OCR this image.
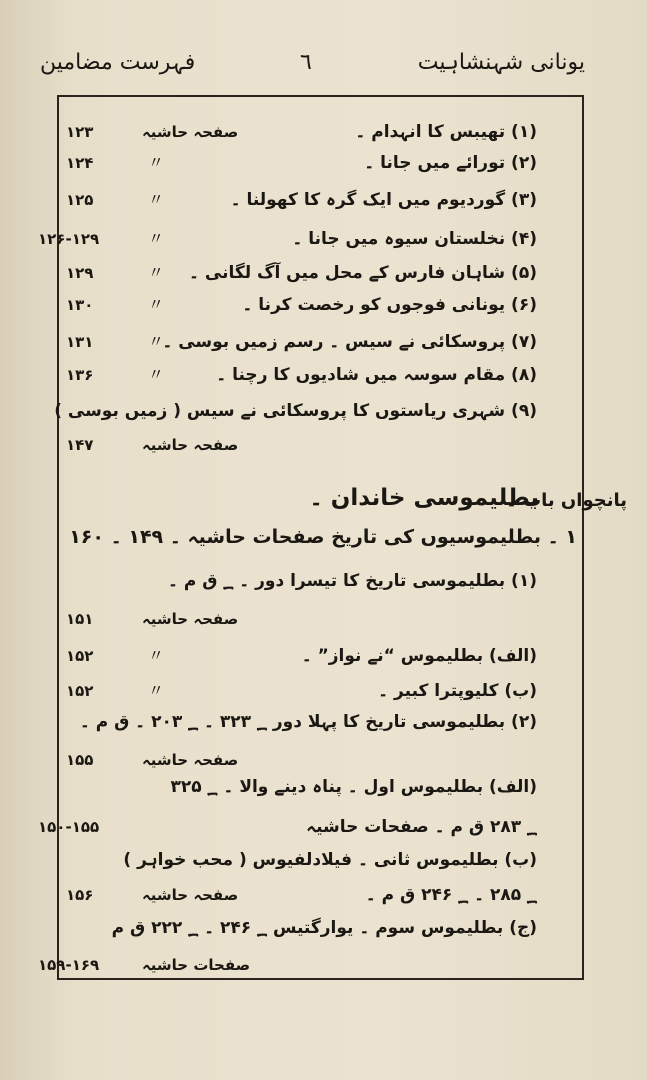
یونانی شہنشاہیت
٦
فہرست مضامین
(۱) تھیبس کا انہدام ۔
صفحہ حاشیہ
۱۲۳
(۲) تورائے میں جانا ۔
〃
۱۲۴
(۳) گوردیوم میں ایک گرہ کا کھولنا ۔
〃
۱۲۵
(۴) نخلستان سیوہ میں جانا ۔
〃
۱۲۶-۱۲۹
(۵) شاہان فارس کے محل میں آگ لگانی ۔
〃
۱۲۹
(۶) یونانی فوجوں کو رخصت کرنا ۔
〃
۱۳۰
(۷) پروسکائی نے سیس ۔ رسم زمیں بوسی ۔
〃
۱۳۱
(۸) مقام سوسہ میں شادیوں کا رچنا ۔
〃
۱۳۶
(۹) شہری ریاستوں کا پروسکائی نے سیس ( زمیں بوسی )
صفحہ حاشیہ
۱۴۷
پانچواں باب ۔
بطلیموسی خاندان ۔
۱ ۔ بطلیموسیوں کی تاریخ صفحات حاشیہ ۔ ۱۴۹ ۔ ۱۶۰
(۱) بطلیموسی تاریخ کا تیسرا دور ۔ ؁ ق م ۔
صفحہ حاشیہ
۱۵۱
(الف) بطلیموس “نے نواز” ۔
〃
۱۵۲
(ب) کلیوپترا کبیر ۔
〃
۱۵۲
(۲) بطلیموسی تاریخ کا پہلا دور ؁ ۳۲۳ ۔ ؁ ۲۰۳ ۔ ق م ۔
صفحہ حاشیہ
۱۵۵
(الف) بطلیموس اول ۔ پناہ دینے والا ۔ ؁ ۳۲۵
؁ ۲۸۳ ق م ۔ صفحات حاشیہ
۱۵۰-۱۵۵
(ب) بطلیموس ثانی ۔ فیلادلفیوس ( محب خواہر )
؁ ۲۸۵ ۔ ؁ ۲۴۶ ق م ۔
صفحہ حاشیہ
۱۵۶
(ج) بطلیموس سوم ۔ یوارگتیس ؁ ۲۴۶ ۔ ؁ ۲۲۲ ق م
صفحات حاشیہ
۱۵۹-۱۶۹
